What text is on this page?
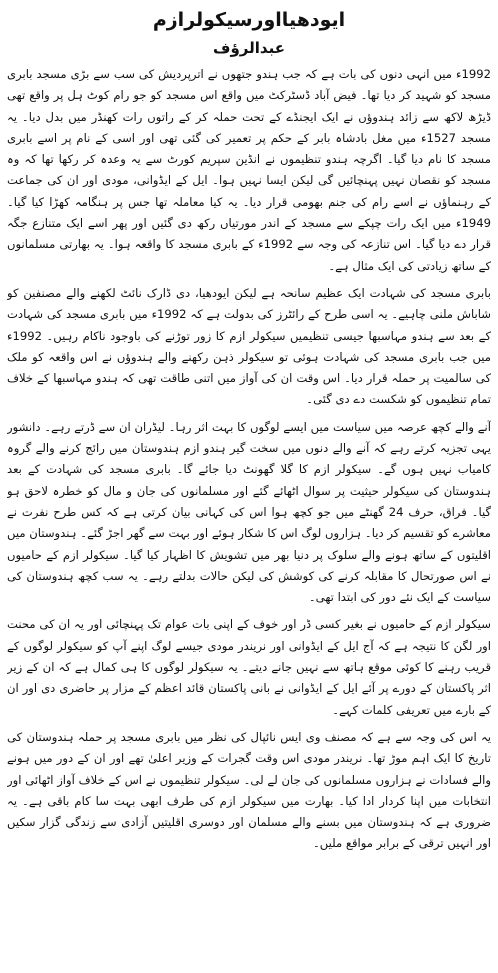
ایودھیااورسیکولرازم
عبدالرؤف

1992ء میں انہی دنوں کی بات ہے کہ جب ہندو جتھوں نے اترپردیش کی سب سے بڑی مسجد بابری مسجد کو شہید کر دیا تھا۔ فیض آباد ڈسٹرکٹ میں واقع اس مسجد کو جو رام کوٹ ہل پر واقع تھی ڈیڑھ لاکھ سے زائد ہندوؤں نے ایک ایجنڈے کے تحت حملہ کر کے راتوں رات کھنڈر میں بدل دیا۔ یہ مسجد 1527ء میں مغل بادشاہ بابر کے حکم پر تعمیر کی گئی تھی اور اسی کے نام پر اسے بابری مسجد کا نام دیا گیا۔ اگرچہ ہندو تنظیموں نے انڈین سپریم کورٹ سے یہ وعدہ کر رکھا تھا کہ وہ مسجد کو نقصان نہیں پہنچائیں گی لیکن ایسا نہیں ہوا۔ ایل کے ایڈوانی، مودی اور ان کی جماعت کے رہنماؤں نے اسے رام کی جنم بھومی قرار دیا۔ یہ کیا معاملہ تھا جس پر ہنگامہ کھڑا کیا گیا۔ 1949ء میں ایک رات چپکے سے مسجد کے اندر مورتیاں رکھ دی گئیں اور پھر اسے ایک متنازع جگہ قرار دے دیا گیا۔ اس تنازعہ کی وجہ سے 1992ء کے بابری مسجد کا واقعہ ہوا۔ یہ بھارتی مسلمانوں کے ساتھ زیادتی کی ایک مثال ہے۔

بابری مسجد کی شہادت ایک عظیم سانحہ ہے لیکن ایودھیا، دی ڈارک نائٹ لکھنے والے مصنفین کو شاباش ملنی چاہیے۔ یہ اسی طرح کے رائٹرز کی بدولت ہے کہ 1992ء میں بابری مسجد کی شہادت کے بعد سے ہندو مہاسبھا جیسی تنظیمیں سیکولر ازم کا زور توڑنے کی باوجود ناکام رہیں۔ 1992ء میں جب بابری مسجد کی شہادت ہوئی تو سیکولر ذہن رکھنے والے ہندوؤں نے اس واقعہ کو ملک کی سالمیت پر حملہ قرار دیا۔ اس وقت ان کی آواز میں اتنی طاقت تھی کہ ہندو مہاسبھا کے خلاف تمام تنظیموں کو شکست دے دی گئی۔

آنے والے کچھ عرصہ میں سیاست میں ایسے لوگوں کا بہت اثر رہا۔ لیڈران ان سے ڈرتے رہے۔ دانشور یہی تجزیہ کرتے رہے کہ آنے والے دنوں میں سخت گیر ہندو ازم ہندوستان میں رائج کرنے والے گروہ کامیاب نہیں ہوں گے۔ سیکولر ازم کا گلا گھونٹ دیا جائے گا۔ بابری مسجد کی شہادت کے بعد ہندوستان کی سیکولر حیثیت پر سوال اٹھائے گئے اور مسلمانوں کی جان و مال کو خطرہ لاحق ہو گیا۔ فراق، حرف 24 گھنٹے میں جو کچھ ہوا اس کی کہانی بیان کرتی ہے کہ کس طرح نفرت نے معاشرے کو تقسیم کر دیا۔ ہزاروں لوگ اس کا شکار ہوئے اور بہت سے گھر اجڑ گئے۔ ہندوستان میں اقلیتوں کے ساتھ ہونے والے سلوک پر دنیا بھر میں تشویش کا اظہار کیا گیا۔ سیکولر ازم کے حامیوں نے اس صورتحال کا مقابلہ کرنے کی کوشش کی لیکن حالات بدلتے رہے۔ یہ سب کچھ ہندوستان کی سیاست کے ایک نئے دور کی ابتدا تھی۔

سیکولر ازم کے حامیوں نے بغیر کسی ڈر اور خوف کے اپنی بات عوام تک پہنچائی اور یہ ان کی محنت اور لگن کا نتیجہ ہے کہ آج ایل کے ایڈوانی اور نریندر مودی جیسے لوگ اپنے آپ کو سیکولر لوگوں کے قریب رہنے کا کوئی موقع ہاتھ سے نہیں جانے دیتے۔ یہ سیکولر لوگوں کا ہی کمال ہے کہ ان کے زیر اثر پاکستان کے دورے پر آئے ایل کے ایڈوانی نے بانی پاکستان قائد اعظم کے مزار پر حاضری دی اور ان کے بارے میں تعریفی کلمات کہے۔

یہ اس کی وجہ سے ہے کہ مصنف وی ایس نائپال کی نظر میں بابری مسجد پر حملہ ہندوستان کی تاریخ کا ایک اہم موڑ تھا۔ نریندر مودی اس وقت گجرات کے وزیر اعلیٰ تھے اور ان کے دور میں ہونے والے فسادات نے ہزاروں مسلمانوں کی جان لے لی۔ سیکولر تنظیموں نے اس کے خلاف آواز اٹھائی اور انتخابات میں اپنا کردار ادا کیا۔ بھارت میں سیکولر ازم کی طرف ابھی بہت سا کام باقی ہے۔ یہ ضروری ہے کہ ہندوستان میں بسنے والے مسلمان اور دوسری اقلیتیں آزادی سے زندگی گزار سکیں اور انہیں ترقی کے برابر مواقع ملیں۔
